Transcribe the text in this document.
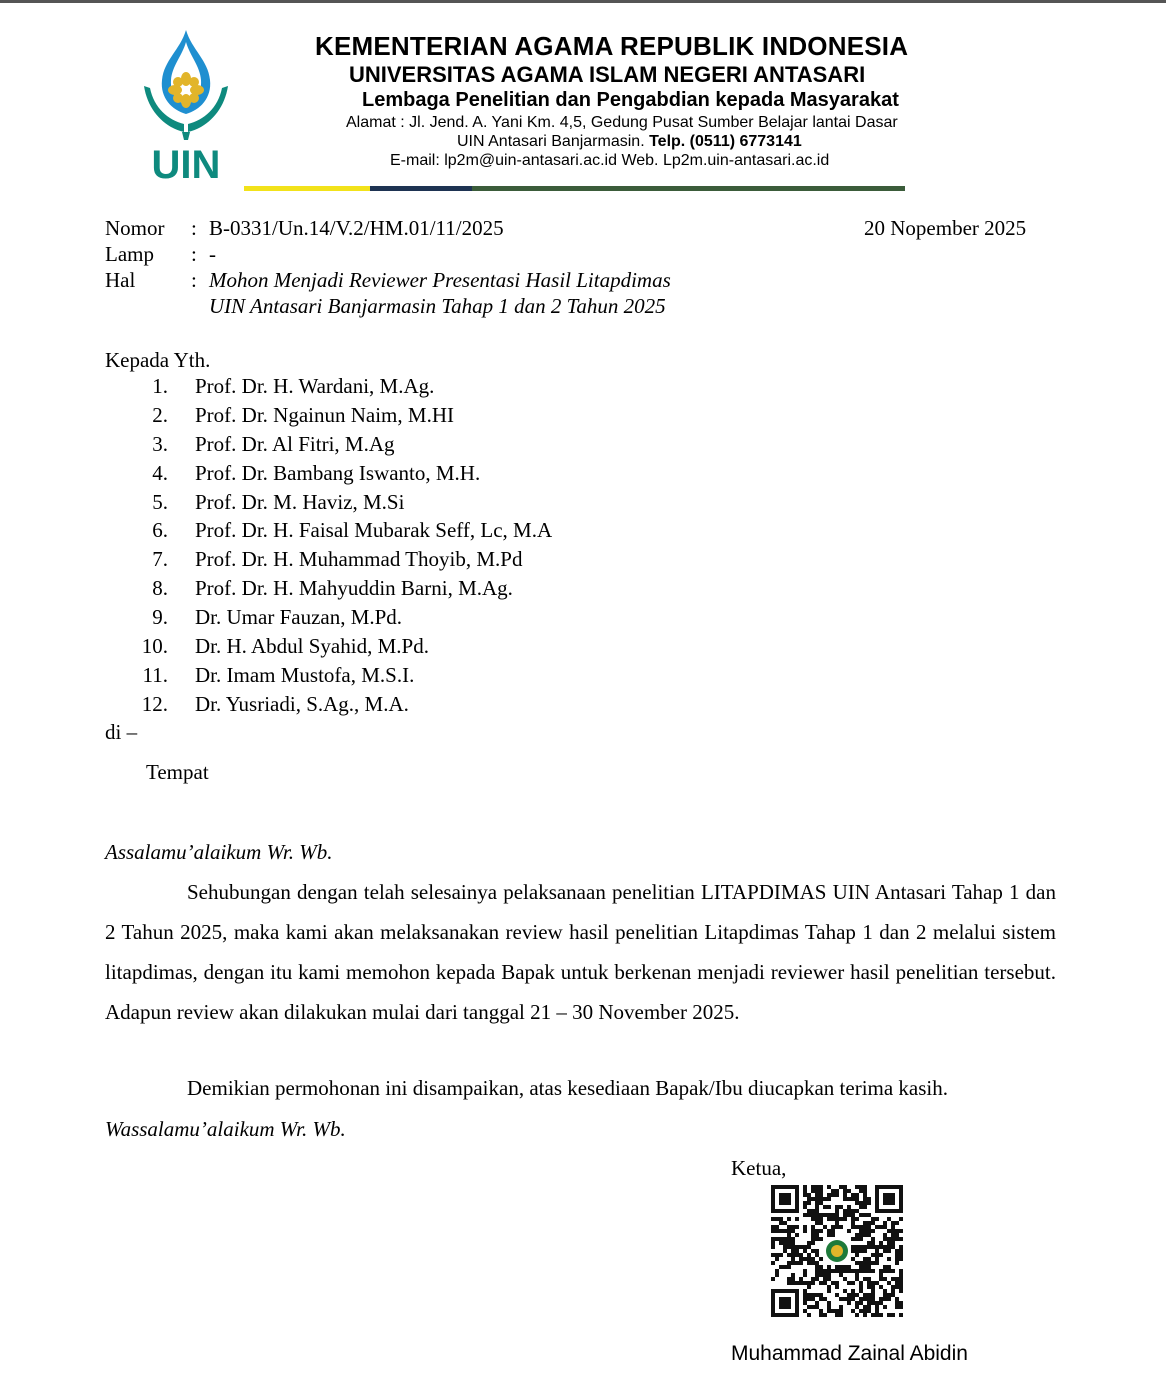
UIN
KEMENTERIAN AGAMA REPUBLIK INDONESIA
UNIVERSITAS AGAMA ISLAM NEGERI ANTASARI
Lembaga Penelitian dan Pengabdian kepada Masyarakat
Alamat : Jl. Jend. A. Yani Km. 4,5, Gedung Pusat Sumber Belajar lantai Dasar
UIN Antasari Banjarmasin. Telp. (0511) 6773141
E-mail: lp2m@uin-antasari.ac.id Web. Lp2m.uin-antasari.ac.id
Nomor : B-0331/Un.14/V.2/HM.01/11/2025	20 Nopember 2025
Lamp : -
Hal	: Mohon Menjadi Reviewer Presentasi Hasil Litapdimas
UIN Antasari Banjarmasin Tahap 1 dan 2 Tahun 2025
Kepada Yth.
1. Prof. Dr. H. Wardani, M.Ag.
2. Prof. Dr. Ngainun Naim, M.HI
3. Prof. Dr. Al Fitri, M.Ag
4. Prof. Dr. Bambang Iswanto, M.H.
5. Prof. Dr. M. Haviz, M.Si
6. Prof. Dr. H. Faisal Mubarak Seff, Lc, M.A
7. Prof. Dr. H. Muhammad Thoyib, M.Pd
8. Prof. Dr. H. Mahyuddin Barni, M.Ag.
9. Dr. Umar Fauzan, M.Pd.
10. Dr. H. Abdul Syahid, M.Pd.
11. Dr. Imam Mustofa, M.S.I.
12. Dr. Yusriadi, S.Ag., M.A.
di –
Tempat
Assalamu’alaikum Wr. Wb.

Sehubungan dengan telah selesainya pelaksanaan penelitian LITAPDIMAS UIN Antasari Tahap 1 dan 2 Tahun 2025, maka kami akan melaksanakan review hasil penelitian Litapdimas Tahap 1 dan 2 melalui sistem litapdimas, dengan itu kami memohon kepada Bapak untuk berkenan menjadi reviewer hasil penelitian tersebut. Adapun review akan dilakukan mulai dari tanggal 21 – 30 November 2025.

Demikian permohonan ini disampaikan, atas kesediaan Bapak/Ibu diucapkan terima kasih.
Wassalamu’alaikum Wr. Wb.
Ketua,
Muhammad Zainal Abidin
